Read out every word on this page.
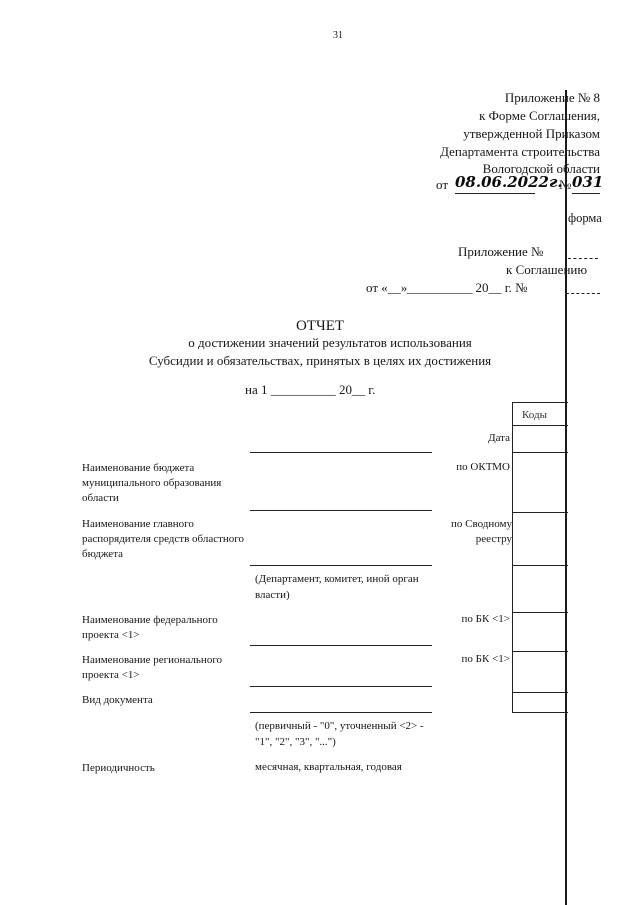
31
Приложение № 8
к Форме Соглашения,
утвержденной Приказом
Департамента строительства
Вологодской области
от 08.06.2022г.
№ 031
форма
Приложение №
к Соглашению
от «__»__________ 20__ г. №
ОТЧЕТ
о достижении значений результатов использования
Субсидии и обязательствах, принятых в целях их достижения
на 1 __________ 20__ г.
Коды
Дата
Наименование бюджета муниципального образования области
по ОКТМО
Наименование главного распорядителя средств областного бюджета
по Сводному реестру
(Департамент, комитет, иной орган власти)
Наименование федерального проекта <1>
по БК <1>
Наименование регионального проекта <1>
по БК <1>
Вид документа
(первичный - "0", уточненный <2> - "1", "2", "3", "...")
Периодичность	месячная, квартальная, годовая
